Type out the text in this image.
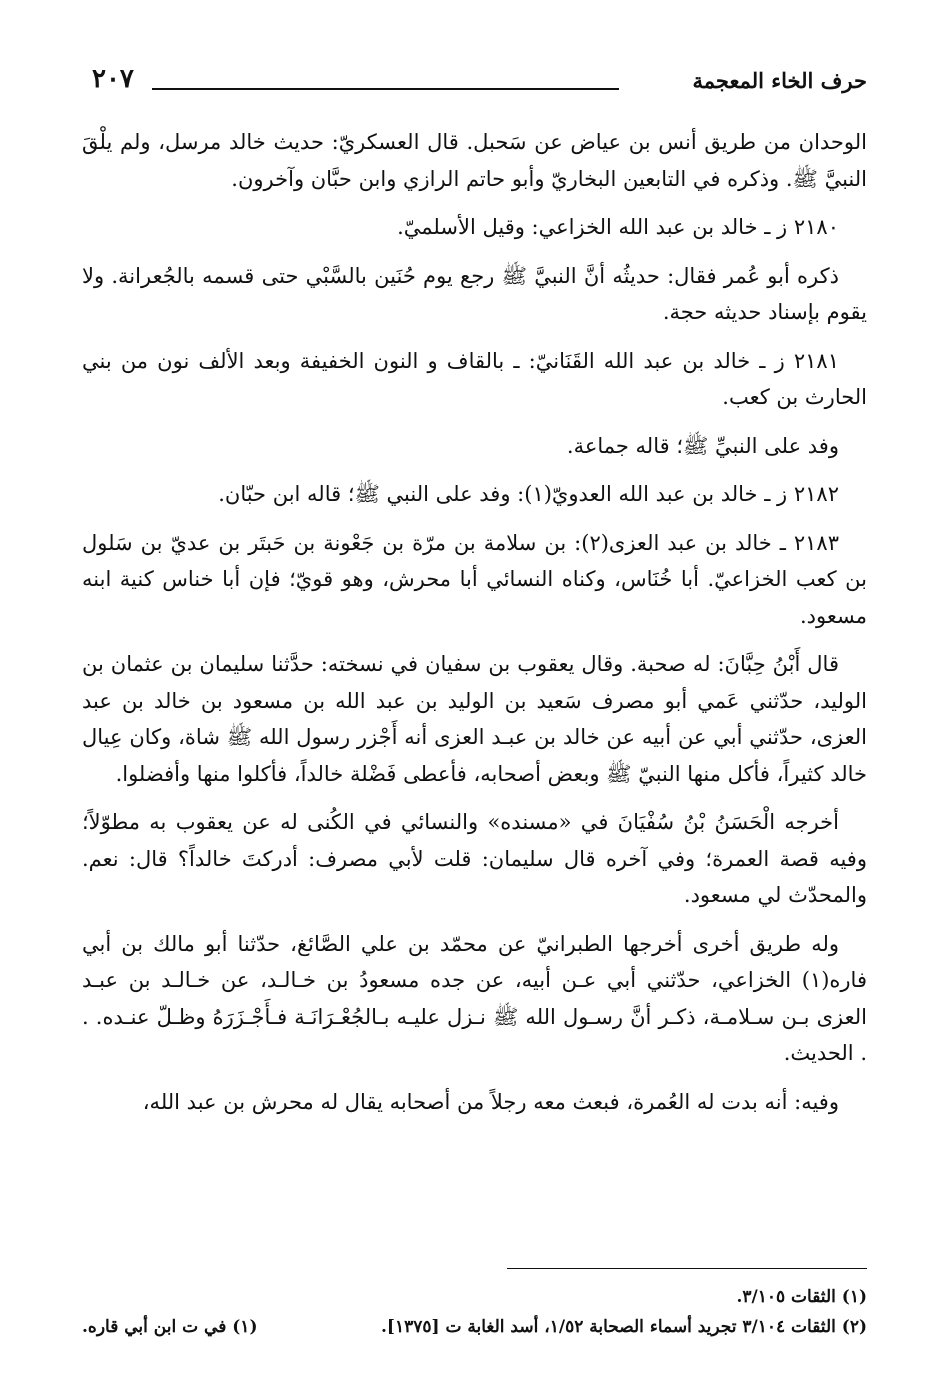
حرف الخاء المعجمة
٢٠٧

الوحدان من طريق أنس بن عياض عن سَحبل. قال العسكريّ: حديث خالد مرسل، ولم يلْقَ النبيَّ ﷺ. وذكره في التابعين البخاريّ وأبو حاتم الرازي وابن حبَّان وآخرون.

٢١٨٠ ز ـ خالد بن عبد الله الخزاعي: وقيل الأسلميّ.

ذكره أبو عُمر فقال: حديثُه أنَّ النبيَّ ﷺ رجع يوم حُنَين بالسَّبْي حتى قسمه بالجُعرانة. ولا يقوم بإسناد حديثه حجة.

٢١٨١ ز ـ خالد بن عبد الله القَنَانيّ: ـ بالقاف و النون الخفيفة وبعد الألف نون من بني الحارث بن كعب.

وفد على النبيِّ ﷺ؛ قاله جماعة.

٢١٨٢ ز ـ خالد بن عبد الله العدويّ(١): وفد على النبي ﷺ؛ قاله ابن حبّان.

٢١٨٣ ـ خالد بن عبد العزى(٢): بن سلامة بن مرّة بن جَعْونة بن حَبتَر بن عديّ بن سَلول بن كعب الخزاعيّ. أبا خُنَاس، وكناه النسائي أبا محرش، وهو قويّ؛ فإن أبا خناس كنية ابنه مسعود.

قال أَبْنُ حِبَّانَ: له صحبة. وقال يعقوب بن سفيان في نسخته: حدَّثنا سليمان بن عثمان بن الوليد، حدّثني عَمي أبو مصرف سَعيد بن الوليد بن عبد الله بن مسعود بن خالد بن عبد العزى، حدّثني أبي عن أبيه عن خالد بن عبـد العزى أنه أَجْزر رسول الله ﷺ شاة، وكان عِيال خالد كثيراً، فأكل منها النبيّ ﷺ وبعض أصحابه، فأعطى فَضْلة خالداً، فأكلوا منها وأفضلوا.

أخرجه الْحَسَنُ بْنُ سُفْيَانَ في «مسنده» والنسائي في الكُنى له عن يعقوب به مطوّلاً؛ وفيه قصة العمرة؛ وفي آخره قال سليمان: قلت لأبي مصرف: أدركتَ خالداً؟ قال: نعم. والمحدّث لي مسعود.

وله طريق أخرى أخرجها الطبرانيّ عن محمّد بن علي الصَّائغ، حدّثنا أبو مالك بن أبي فاره(١) الخزاعي، حدّثني أبي عـن أبيه، عن جده مسعودُ بن خـالـد، عن خـالـد بن عبـد العزى بـن سـلامـة، ذكـر أنَّ رسـول الله ﷺ نـزل عليـه بـالجُعْـرَانَـة فـأَجْـزَرَهُ وظـلّ عنـده. . . الحديث.

وفيه: أنه بدت له العُمرة، فبعث معه رجلاً من أصحابه يقال له محرش بن عبد الله،

(١) الثقات ٣/١٠٥.

(٢) الثقات ٣/١٠٤ تجريد أسماء الصحابة ١/٥٢، أسد الغابة ت [١٣٧٥].
(١) في ت ابن أبي قاره.
